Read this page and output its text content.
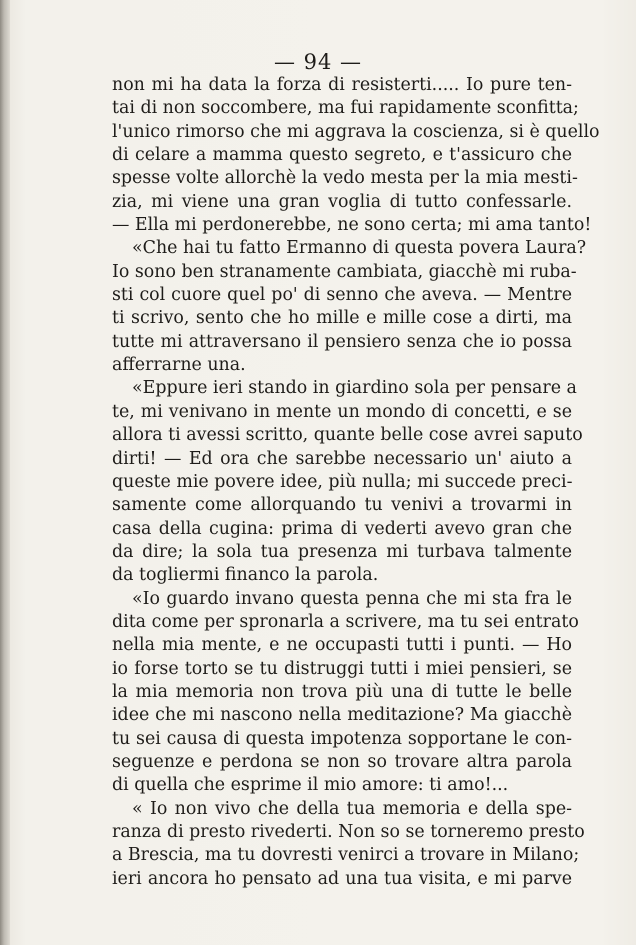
— 94 —
non mi ha data la forza di resisterti..... Io pure ten-
tai di non soccombere, ma fui rapidamente sconfitta;
l'unico rimorso che mi aggrava la coscienza, si è quello
di celare a mamma questo segreto, e t'assicuro che
spesse volte allorchè la vedo mesta per la mia mesti-
zia, mi viene una gran voglia di tutto confessarle.
— Ella mi perdonerebbe, ne sono certa; mi ama tanto!
«Che hai tu fatto Ermanno di questa povera Laura?
Io sono ben stranamente cambiata, giacchè mi ruba-
sti col cuore quel po' di senno che aveva. — Mentre
ti scrivo, sento che ho mille e mille cose a dirti, ma
tutte mi attraversano il pensiero senza che io possa
afferrarne una.
«Eppure ieri stando in giardino sola per pensare a
te, mi venivano in mente un mondo di concetti, e se
allora ti avessi scritto, quante belle cose avrei saputo
dirti! — Ed ora che sarebbe necessario un' aiuto a
queste mie povere idee, più nulla; mi succede preci-
samente come allorquando tu venivi a trovarmi in
casa della cugina: prima di vederti avevo gran che
da dire; la sola tua presenza mi turbava talmente
da togliermi financo la parola.
«Io guardo invano questa penna che mi sta fra le
dita come per spronarla a scrivere, ma tu sei entrato
nella mia mente, e ne occupasti tutti i punti. — Ho
io forse torto se tu distruggi tutti i miei pensieri, se
la mia memoria non trova più una di tutte le belle
idee che mi nascono nella meditazione? Ma giacchè
tu sei causa di questa impotenza sopportane le con-
seguenze e perdona se non so trovare altra parola
di quella che esprime il mio amore: ti amo!...
« Io non vivo che della tua memoria e della spe-
ranza di presto rivederti. Non so se torneremo presto
a Brescia, ma tu dovresti venirci a trovare in Milano;
ieri ancora ho pensato ad una tua visita, e mi parve
